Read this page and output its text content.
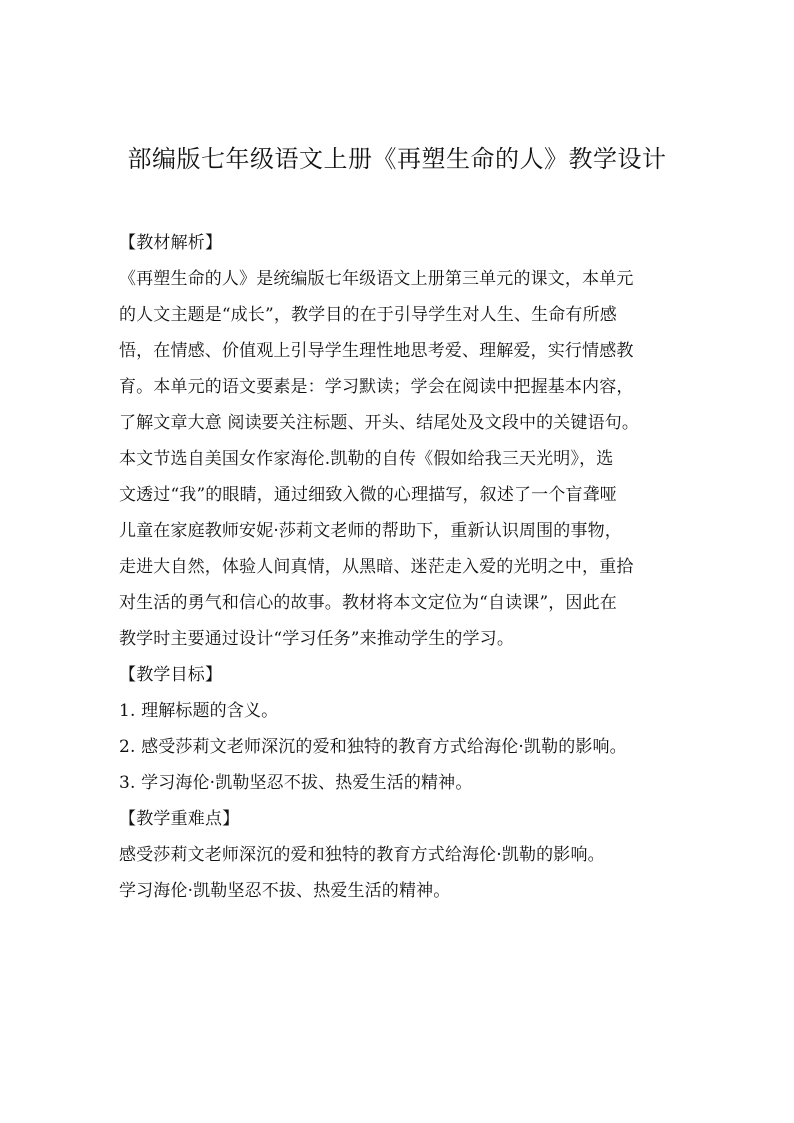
部编版七年级语文上册《再塑生命的人》教学设计
【教材解析】
《再塑生命的人》是统编版七年级语文上册第三单元的课文，本单元
的人文主题是“成长”，教学目的在于引导学生对人生、生命有所感
悟，在情感、价值观上引导学生理性地思考爱、理解爱，实行情感教
育。本单元的语文要素是：学习默读；学会在阅读中把握基本内容，
了解文章大意 阅读要关注标题、开头、结尾处及文段中的关键语句。
本文节选自美国女作家海伦.凯勒的自传《假如给我三天光明》，选
文透过“我”的眼睛，通过细致入微的心理描写，叙述了一个盲聋哑
儿童在家庭教师安妮·莎莉文老师的帮助下，重新认识周围的事物，
走进大自然，体验人间真情，从黑暗、迷茫走入爱的光明之中，重拾
对生活的勇气和信心的故事。教材将本文定位为“自读课”，因此在
教学时主要通过设计“学习任务”来推动学生的学习。
【教学目标】
1. 理解标题的含义。
2. 感受莎莉文老师深沉的爱和独特的教育方式给海伦·凯勒的影响。
3. 学习海伦·凯勒坚忍不拔、热爱生活的精神。
【教学重难点】
感受莎莉文老师深沉的爱和独特的教育方式给海伦·凯勒的影响。
学习海伦·凯勒坚忍不拔、热爱生活的精神。
